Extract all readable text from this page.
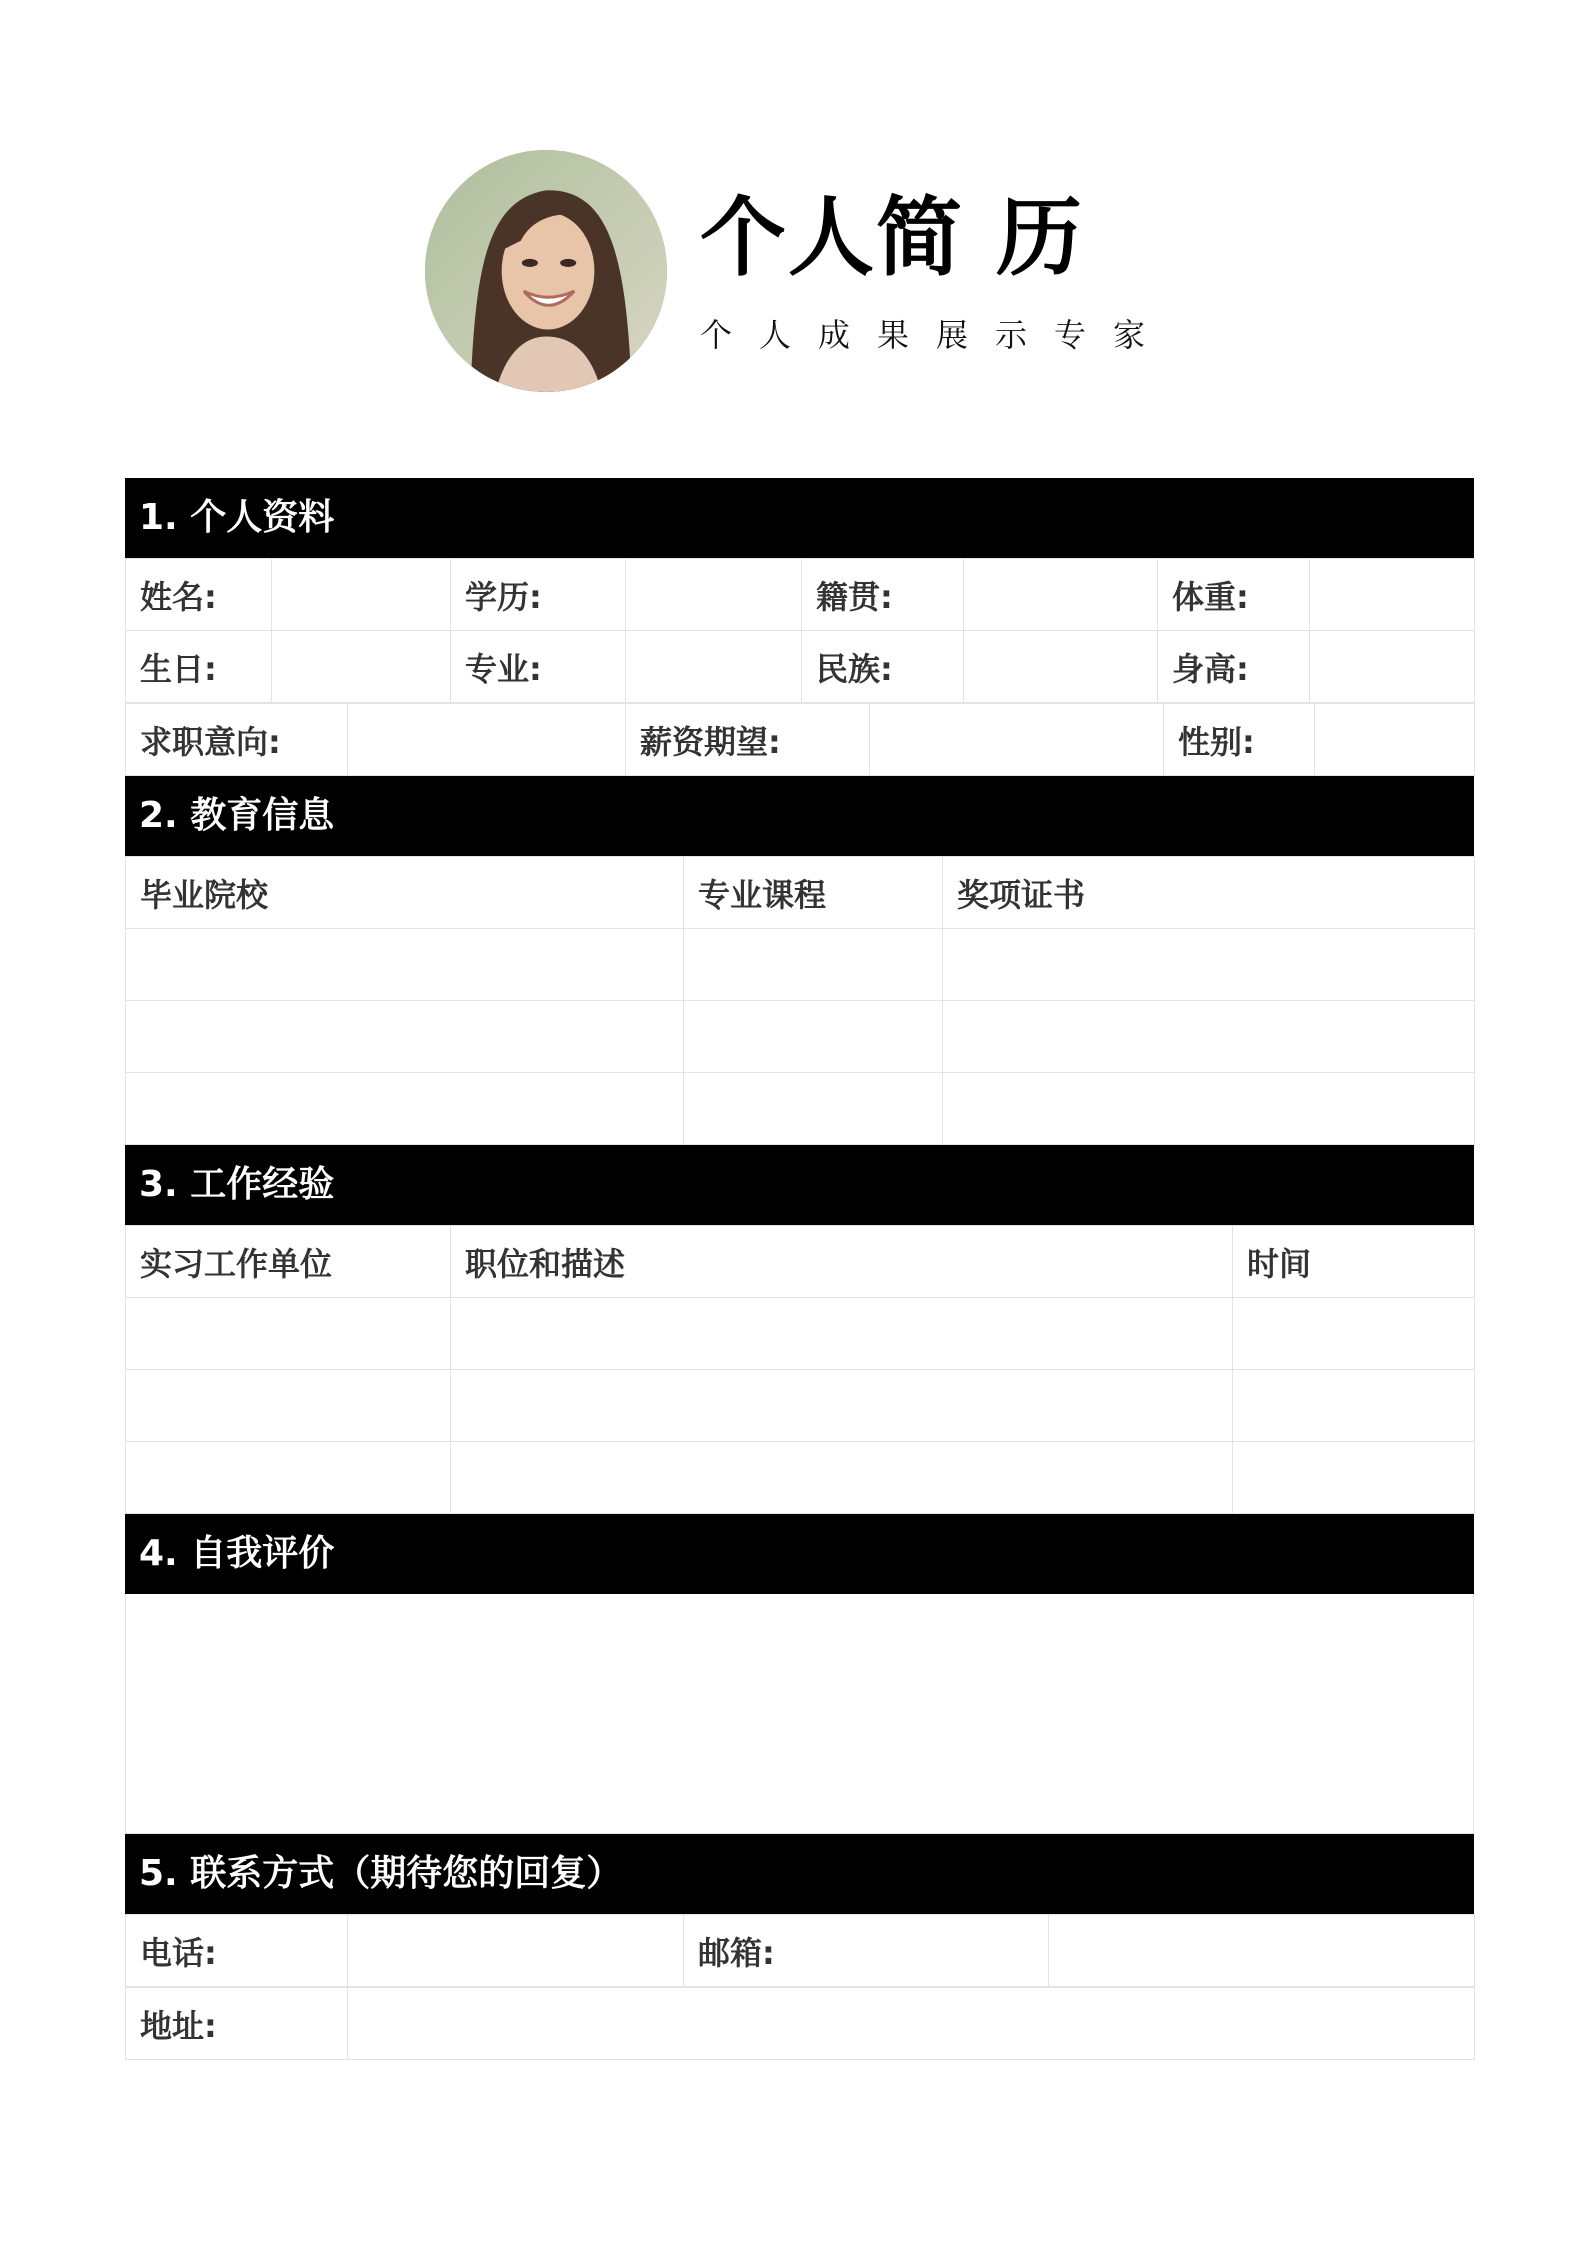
个人简 历
个人成果展示专家
1. 个人资料
姓名:		学历:		籍贯:		体重:	
生日:		专业:		民族:		身高:	
求职意向:		薪资期望:		性别:	
2. 教育信息
毕业院校	专业课程	奖项证书

3. 工作经验
实习工作单位	职位和描述	时间

4. 自我评价
5. 联系方式（期待您的回复）
电话:		邮箱:	
地址:	
